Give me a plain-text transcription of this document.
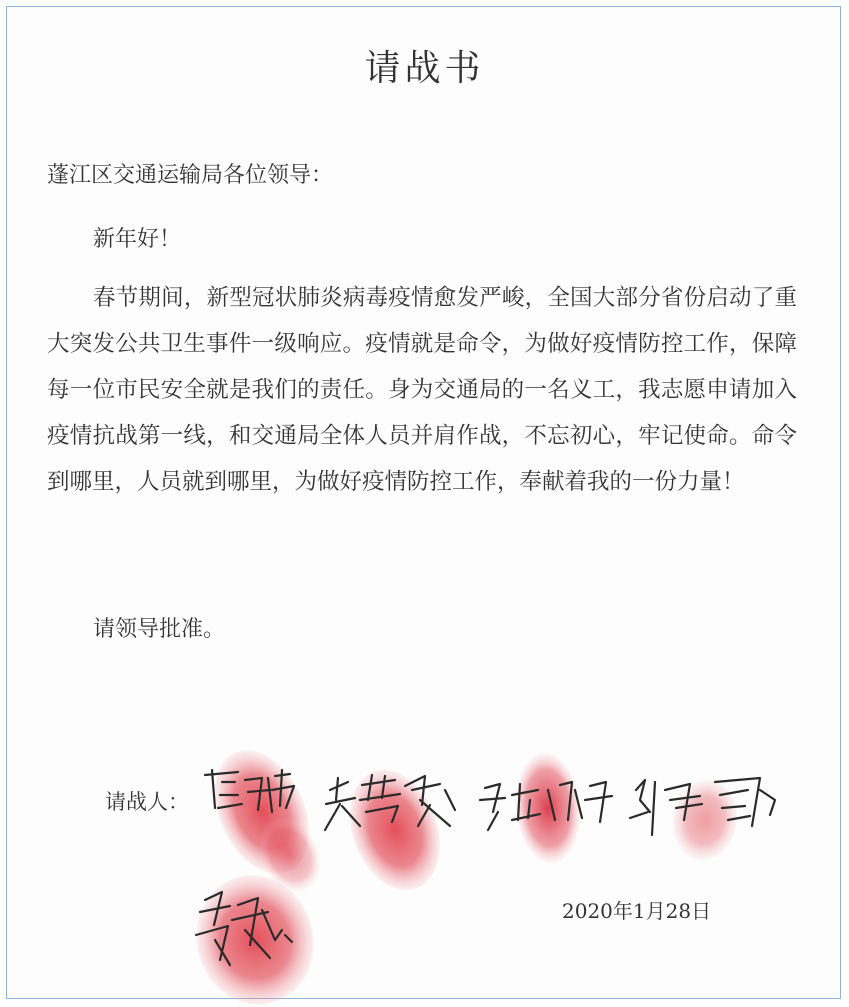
请战书
蓬江区交通运输局各位领导：
新年好！
春节期间，新型冠状肺炎病毒疫情愈发严峻，全国大部分省份启动了重大突发公共卫生事件一级响应。疫情就是命令，为做好疫情防控工作，保障每一位市民安全就是我们的责任。身为交通局的一名义工，我志愿申请加入疫情抗战第一线，和交通局全体人员并肩作战，不忘初心，牢记使命。命令到哪里，人员就到哪里，为做好疫情防控工作，奉献着我的一份力量！
请领导批准。
请战人：
2020年1月28日
